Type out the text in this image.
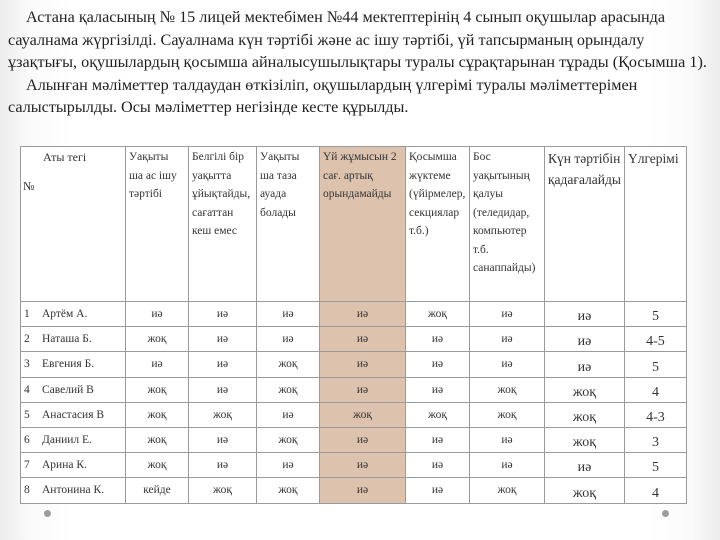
Астана қаласының № 15 лицей мектебімен №44 мектептерінің 4 сынып оқушылар арасында сауалнама жүргізілді. Сауалнама күн тәртібі және ас ішу тәртібі, үй тапсырманың орындалу ұзақтығы, оқушылардың қосымша айналысушылықтары туралы сұрақтарынан тұрады (Қосымша 1).

Алынған мәліметтер талдаудан өткізіліп, оқушылардың үлгерімі туралы мәліметтерімен салыстырылды. Осы мәліметтер негізінде кесте құрылды.

№
Аты тегі	Уақыты ша ас ішу тәртібі	Белгілі бір уақытта ұйықтайды, сағаттан кеш емес	Уақыты ша таза ауада болады	Үй жұмысын 2 сағ. артық орындамайды	Қосымша жүктеме (үйірмелер, секциялар т.б.)	Бос уақытының қалуы (теледидар, компьютер т.б. санаппайды)	Күн тәртібін қадағалайды	Үлгерімі

1 Артём А.	иә	иә	иә	иә	жоқ	иә	иә	5

2 Наташа Б.	жоқ	иә	иә	иә	иә	иә	иә	4-5

3 Евгения Б.	иә	иә	жоқ	иә	иә	иә	иә	5

4 Савелий В	жоқ	иә	жоқ	иә	иә	жоқ	жоқ	4

5 Анастасия В	жоқ	жоқ	иә	жоқ	жоқ	жоқ	жоқ	4-3

6 Даниил Е.	жоқ	иә	жоқ	иә	иә	иә	жоқ	3

7 Арина К.	жоқ	иә	иә	иә	иә	иә	иә	5

8 Антонина К.	кейде	жоқ	жоқ	иә	иә	жоқ	жоқ	4
